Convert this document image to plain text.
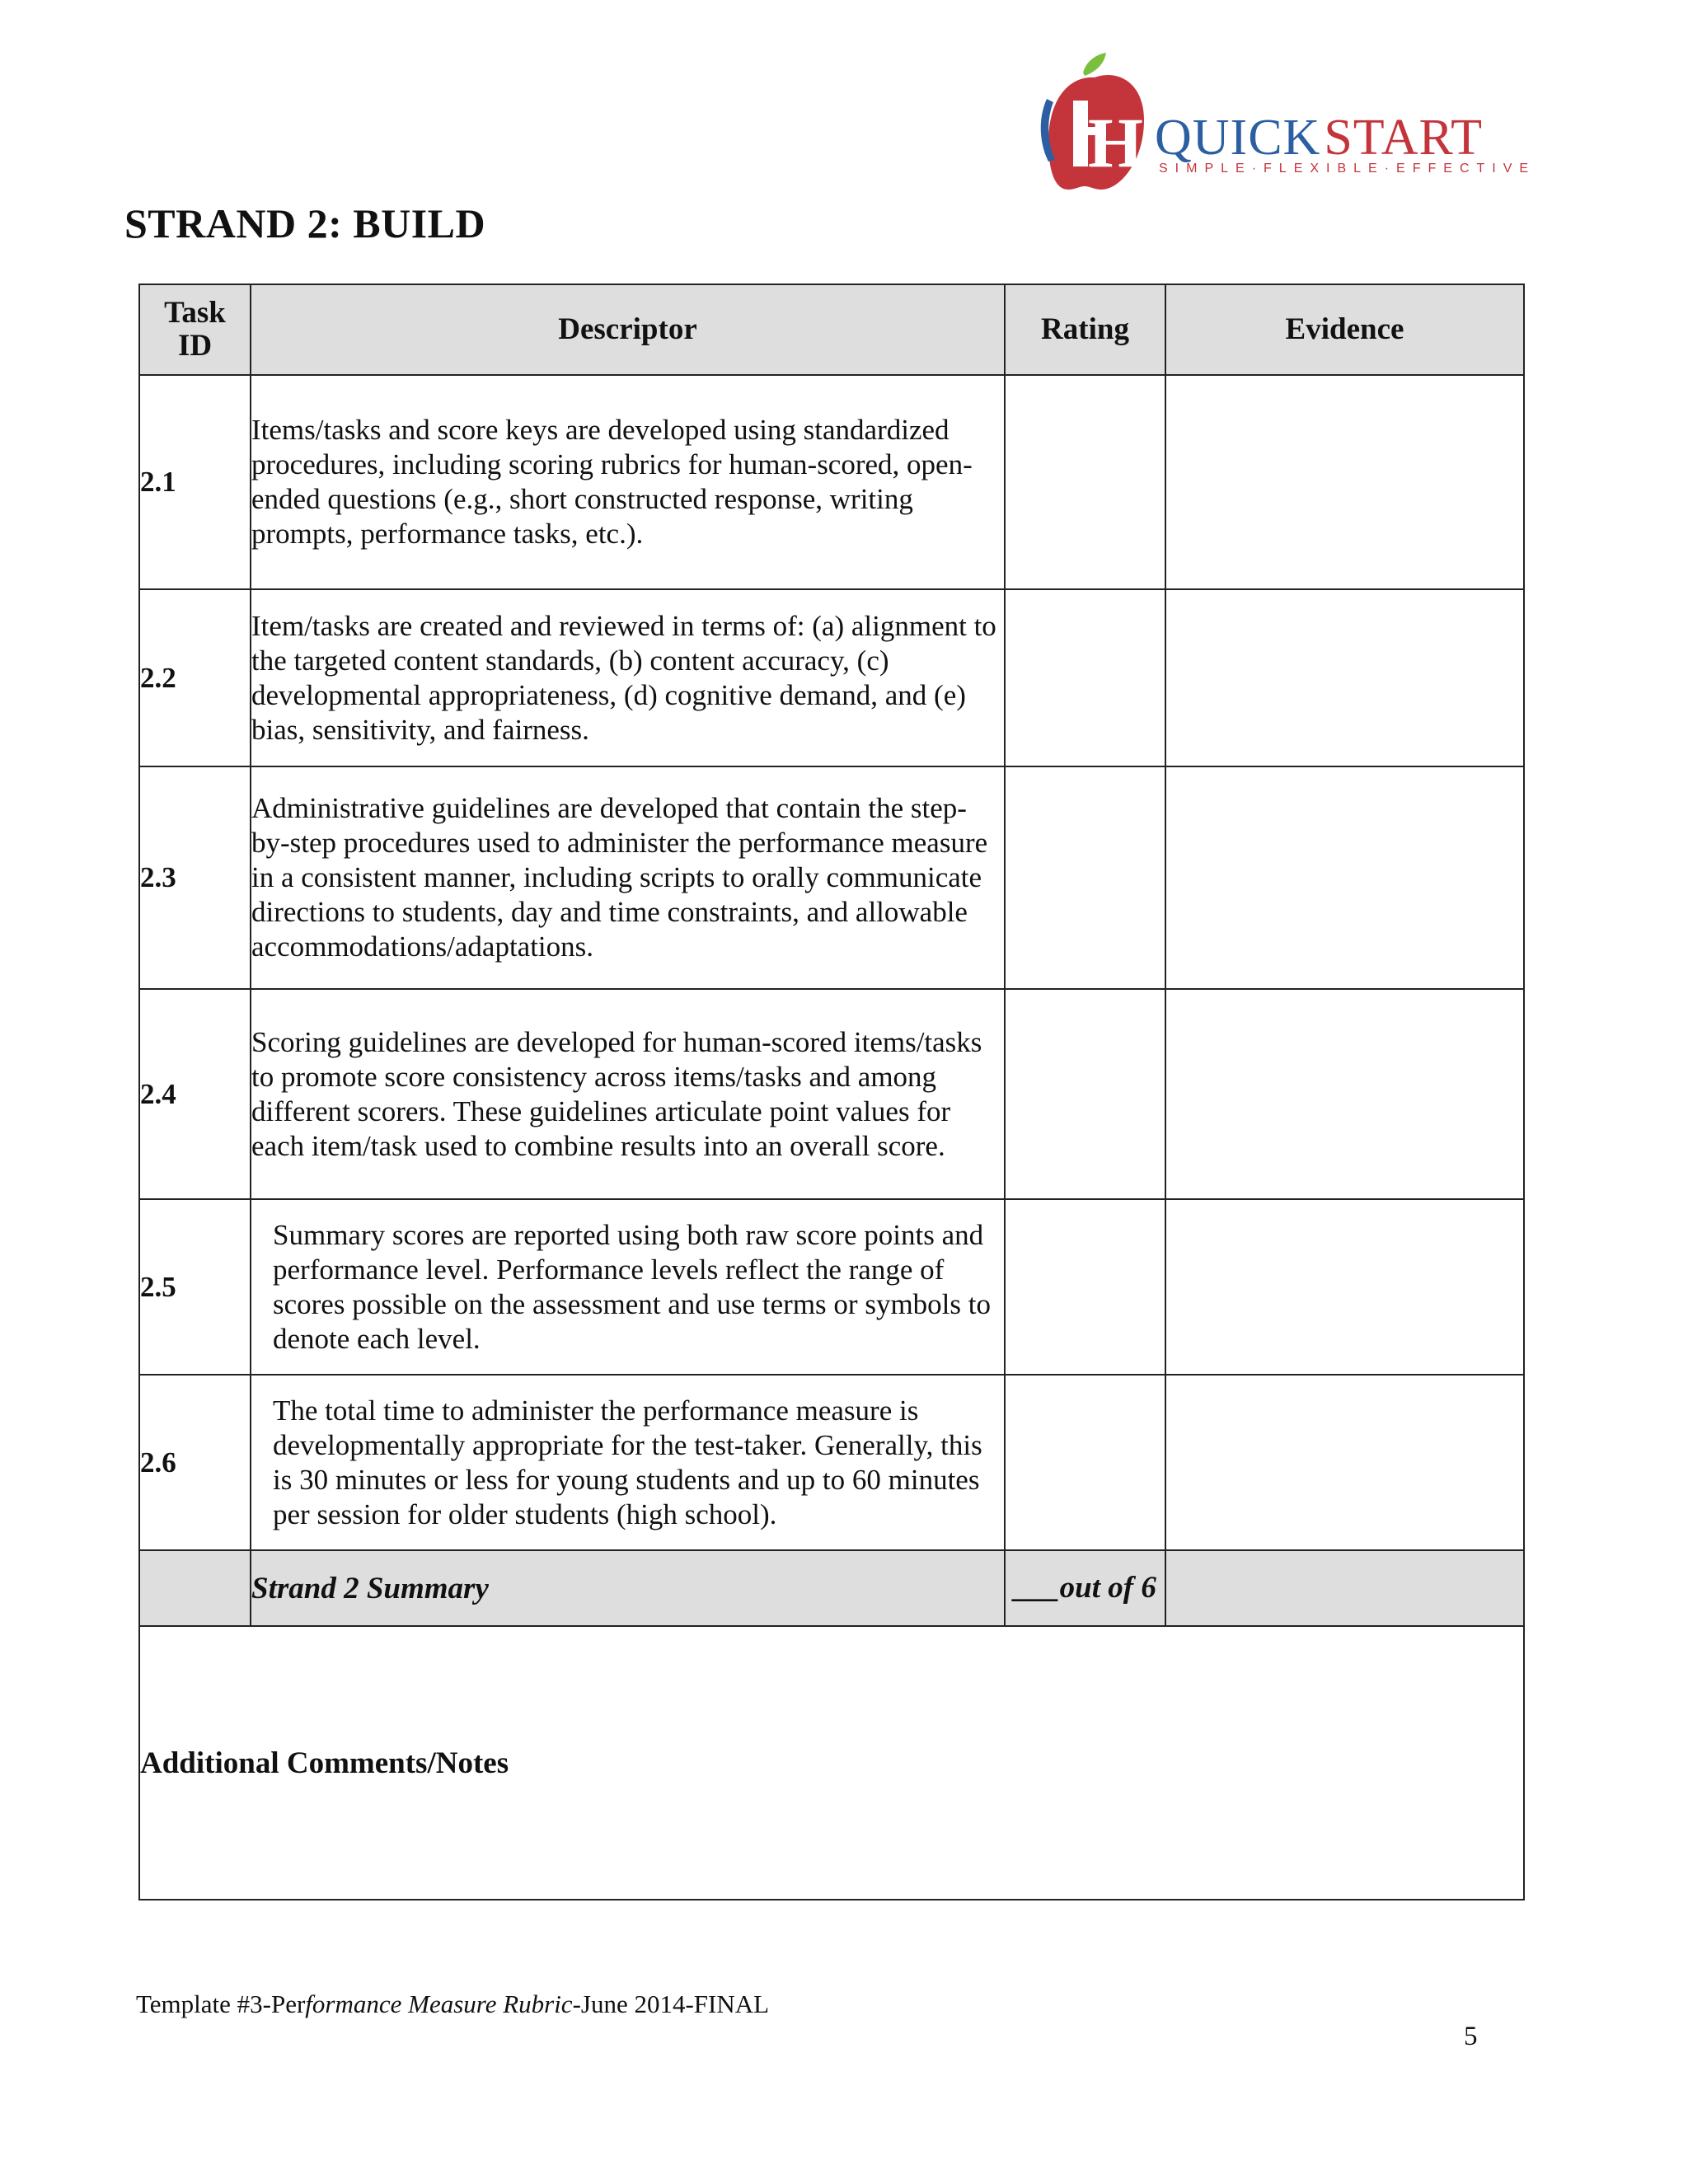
HR
QUICK START
SIMPLE·FLEXIBLE·EFFECTIVE
STRAND 2: BUILD
Task ID	Descriptor	Rating	Evidence
2.1	Items/tasks and score keys are developed using standardized procedures, including scoring rubrics for human-scored, open-ended questions (e.g., short constructed response, writing prompts, performance tasks, etc.).		
2.2	Item/tasks are created and reviewed in terms of: (a) alignment to the targeted content standards, (b) content accuracy, (c) developmental appropriateness, (d) cognitive demand, and (e) bias, sensitivity, and fairness.		
2.3	Administrative guidelines are developed that contain the step-by-step procedures used to administer the performance measure in a consistent manner, including scripts to orally communicate directions to students, day and time constraints, and allowable accommodations/adaptations.		
2.4	Scoring guidelines are developed for human-scored items/tasks to promote score consistency across items/tasks and among different scorers. These guidelines articulate point values for each item/task used to combine results into an overall score.		
2.5	Summary scores are reported using both raw score points and performance level. Performance levels reflect the range of scores possible on the assessment and use terms or symbols to denote each level.		
2.6	The total time to administer the performance measure is developmentally appropriate for the test-taker. Generally, this is 30 minutes or less for young students and up to 60 minutes per session for older students (high school).		
	Strand 2 Summary	___out of 6	
Additional Comments/Notes			
Template #3-Performance Measure Rubric-June 2014-FINAL
5
